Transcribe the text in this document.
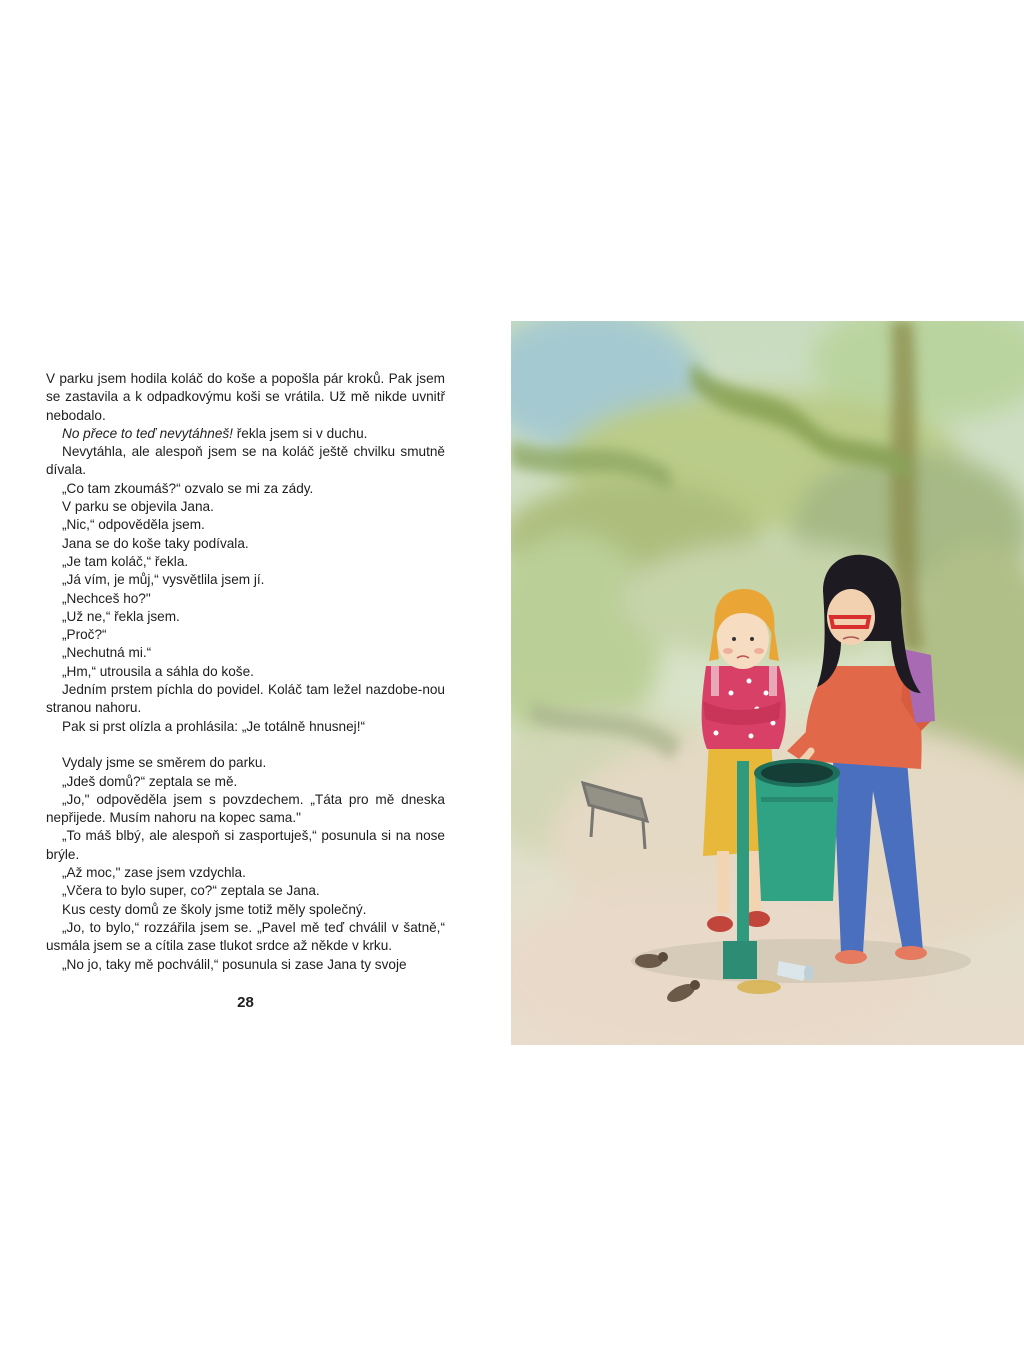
V parku jsem hodila koláč do koše a popošla pár kroků. Pak jsem se zastavila a k odpadkovýmu koši se vrátila. Už mě nikde uvnitř nebodalo.

No přece to teď nevytáhneš! řekla jsem si v duchu.

Nevytáhla, ale alespoň jsem se na koláč ještě chvilku smutně dívala.

„Co tam zkoumáš?“ ozvalo se mi za zády.

V parku se objevila Jana.

„Nic,“ odpověděla jsem.

Jana se do koše taky podívala.

„Je tam koláč,“ řekla.

„Já vím, je můj,“ vysvětlila jsem jí.

„Nechceš ho?"

„Už ne,“ řekla jsem.

„Proč?“

„Nechutná mi.“

„Hm,“ utrousila a sáhla do koše.

Jedním prstem píchla do povidel. Koláč tam ležel nazdobe-nou stranou nahoru.

Pak si prst olízla a prohlásila: „Je totálně hnusnej!“

Vydaly jsme se směrem do parku.

„Jdeš domů?“ zeptala se mě.

„Jo," odpověděla jsem s povzdechem. „Táta pro mě dneska nepřijede. Musím nahoru na kopec sama."

„To máš blbý, ale alespoň si zasportuješ,“ posunula si na nose brýle.

„Až moc," zase jsem vzdychla.

„Včera to bylo super, co?“ zeptala se Jana.

Kus cesty domů ze školy jsme totiž měly společný.

„Jo, to bylo,“ rozzářila jsem se. „Pavel mě teď chválil v šatně,“ usmála jsem se a cítila zase tlukot srdce až někde v krku.

„No jo, taky mě pochválil,“ posunula si zase Jana ty svoje

28
